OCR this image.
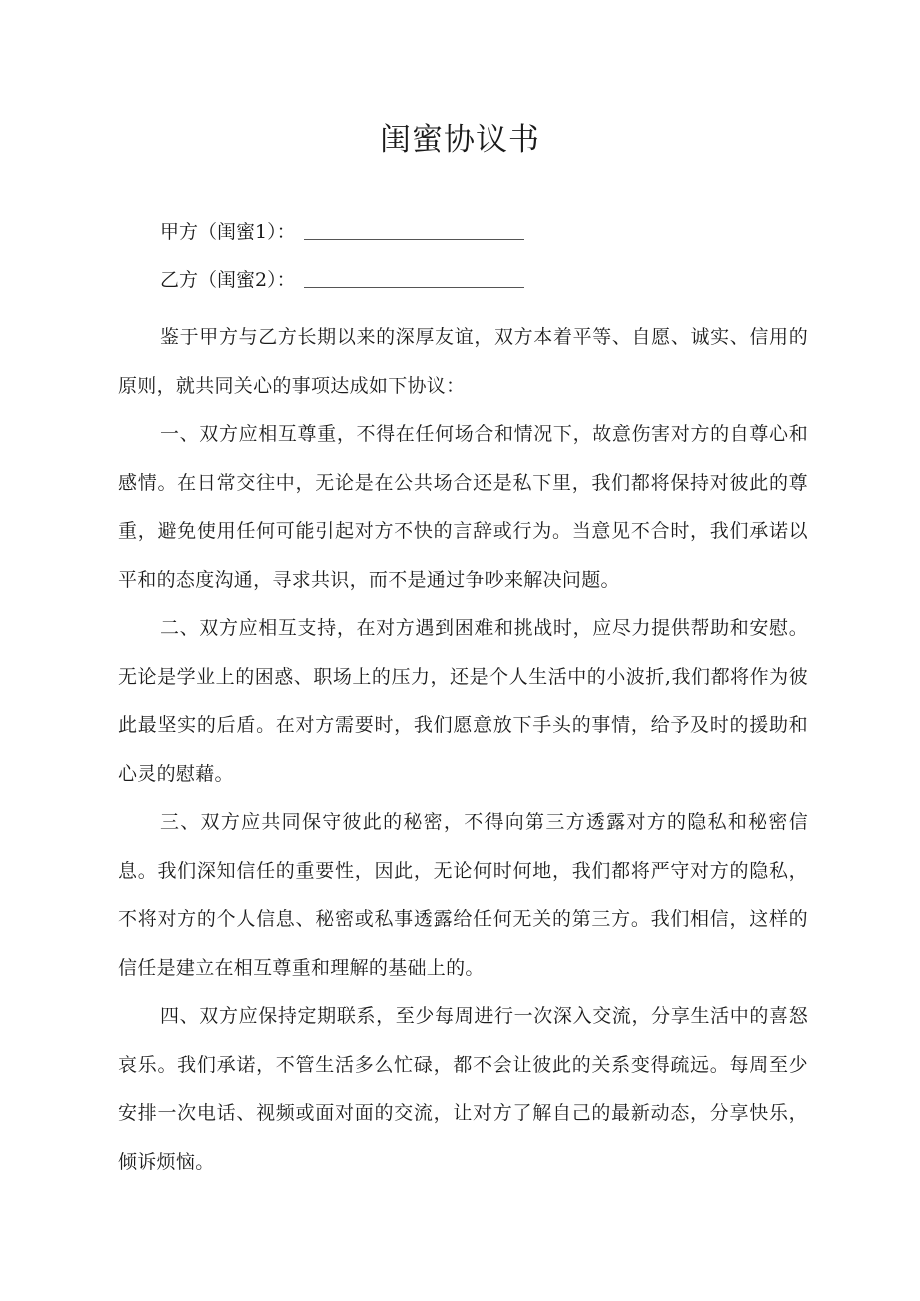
闺蜜协议书
甲方（闺蜜1）：
乙方（闺蜜2）：

鉴于甲方与乙方长期以来的深厚友谊，双方本着平等、自愿、诚实、信用的原则，就共同关心的事项达成如下协议：

一、双方应相互尊重，不得在任何场合和情况下，故意伤害对方的自尊心和感情。在日常交往中，无论是在公共场合还是私下里，我们都将保持对彼此的尊重，避免使用任何可能引起对方不快的言辞或行为。当意见不合时，我们承诺以平和的态度沟通，寻求共识，而不是通过争吵来解决问题。

二、双方应相互支持，在对方遇到困难和挑战时，应尽力提供帮助和安慰。无论是学业上的困惑、职场上的压力，还是个人生活中的小波折,我们都将作为彼此最坚实的后盾。在对方需要时，我们愿意放下手头的事情，给予及时的援助和心灵的慰藉。

三、双方应共同保守彼此的秘密，不得向第三方透露对方的隐私和秘密信息。我们深知信任的重要性，因此，无论何时何地，我们都将严守对方的隐私，不将对方的个人信息、秘密或私事透露给任何无关的第三方。我们相信，这样的信任是建立在相互尊重和理解的基础上的。

四、双方应保持定期联系，至少每周进行一次深入交流，分享生活中的喜怒哀乐。我们承诺，不管生活多么忙碌，都不会让彼此的关系变得疏远。每周至少安排一次电话、视频或面对面的交流，让对方了解自己的最新动态，分享快乐，倾诉烦恼。
